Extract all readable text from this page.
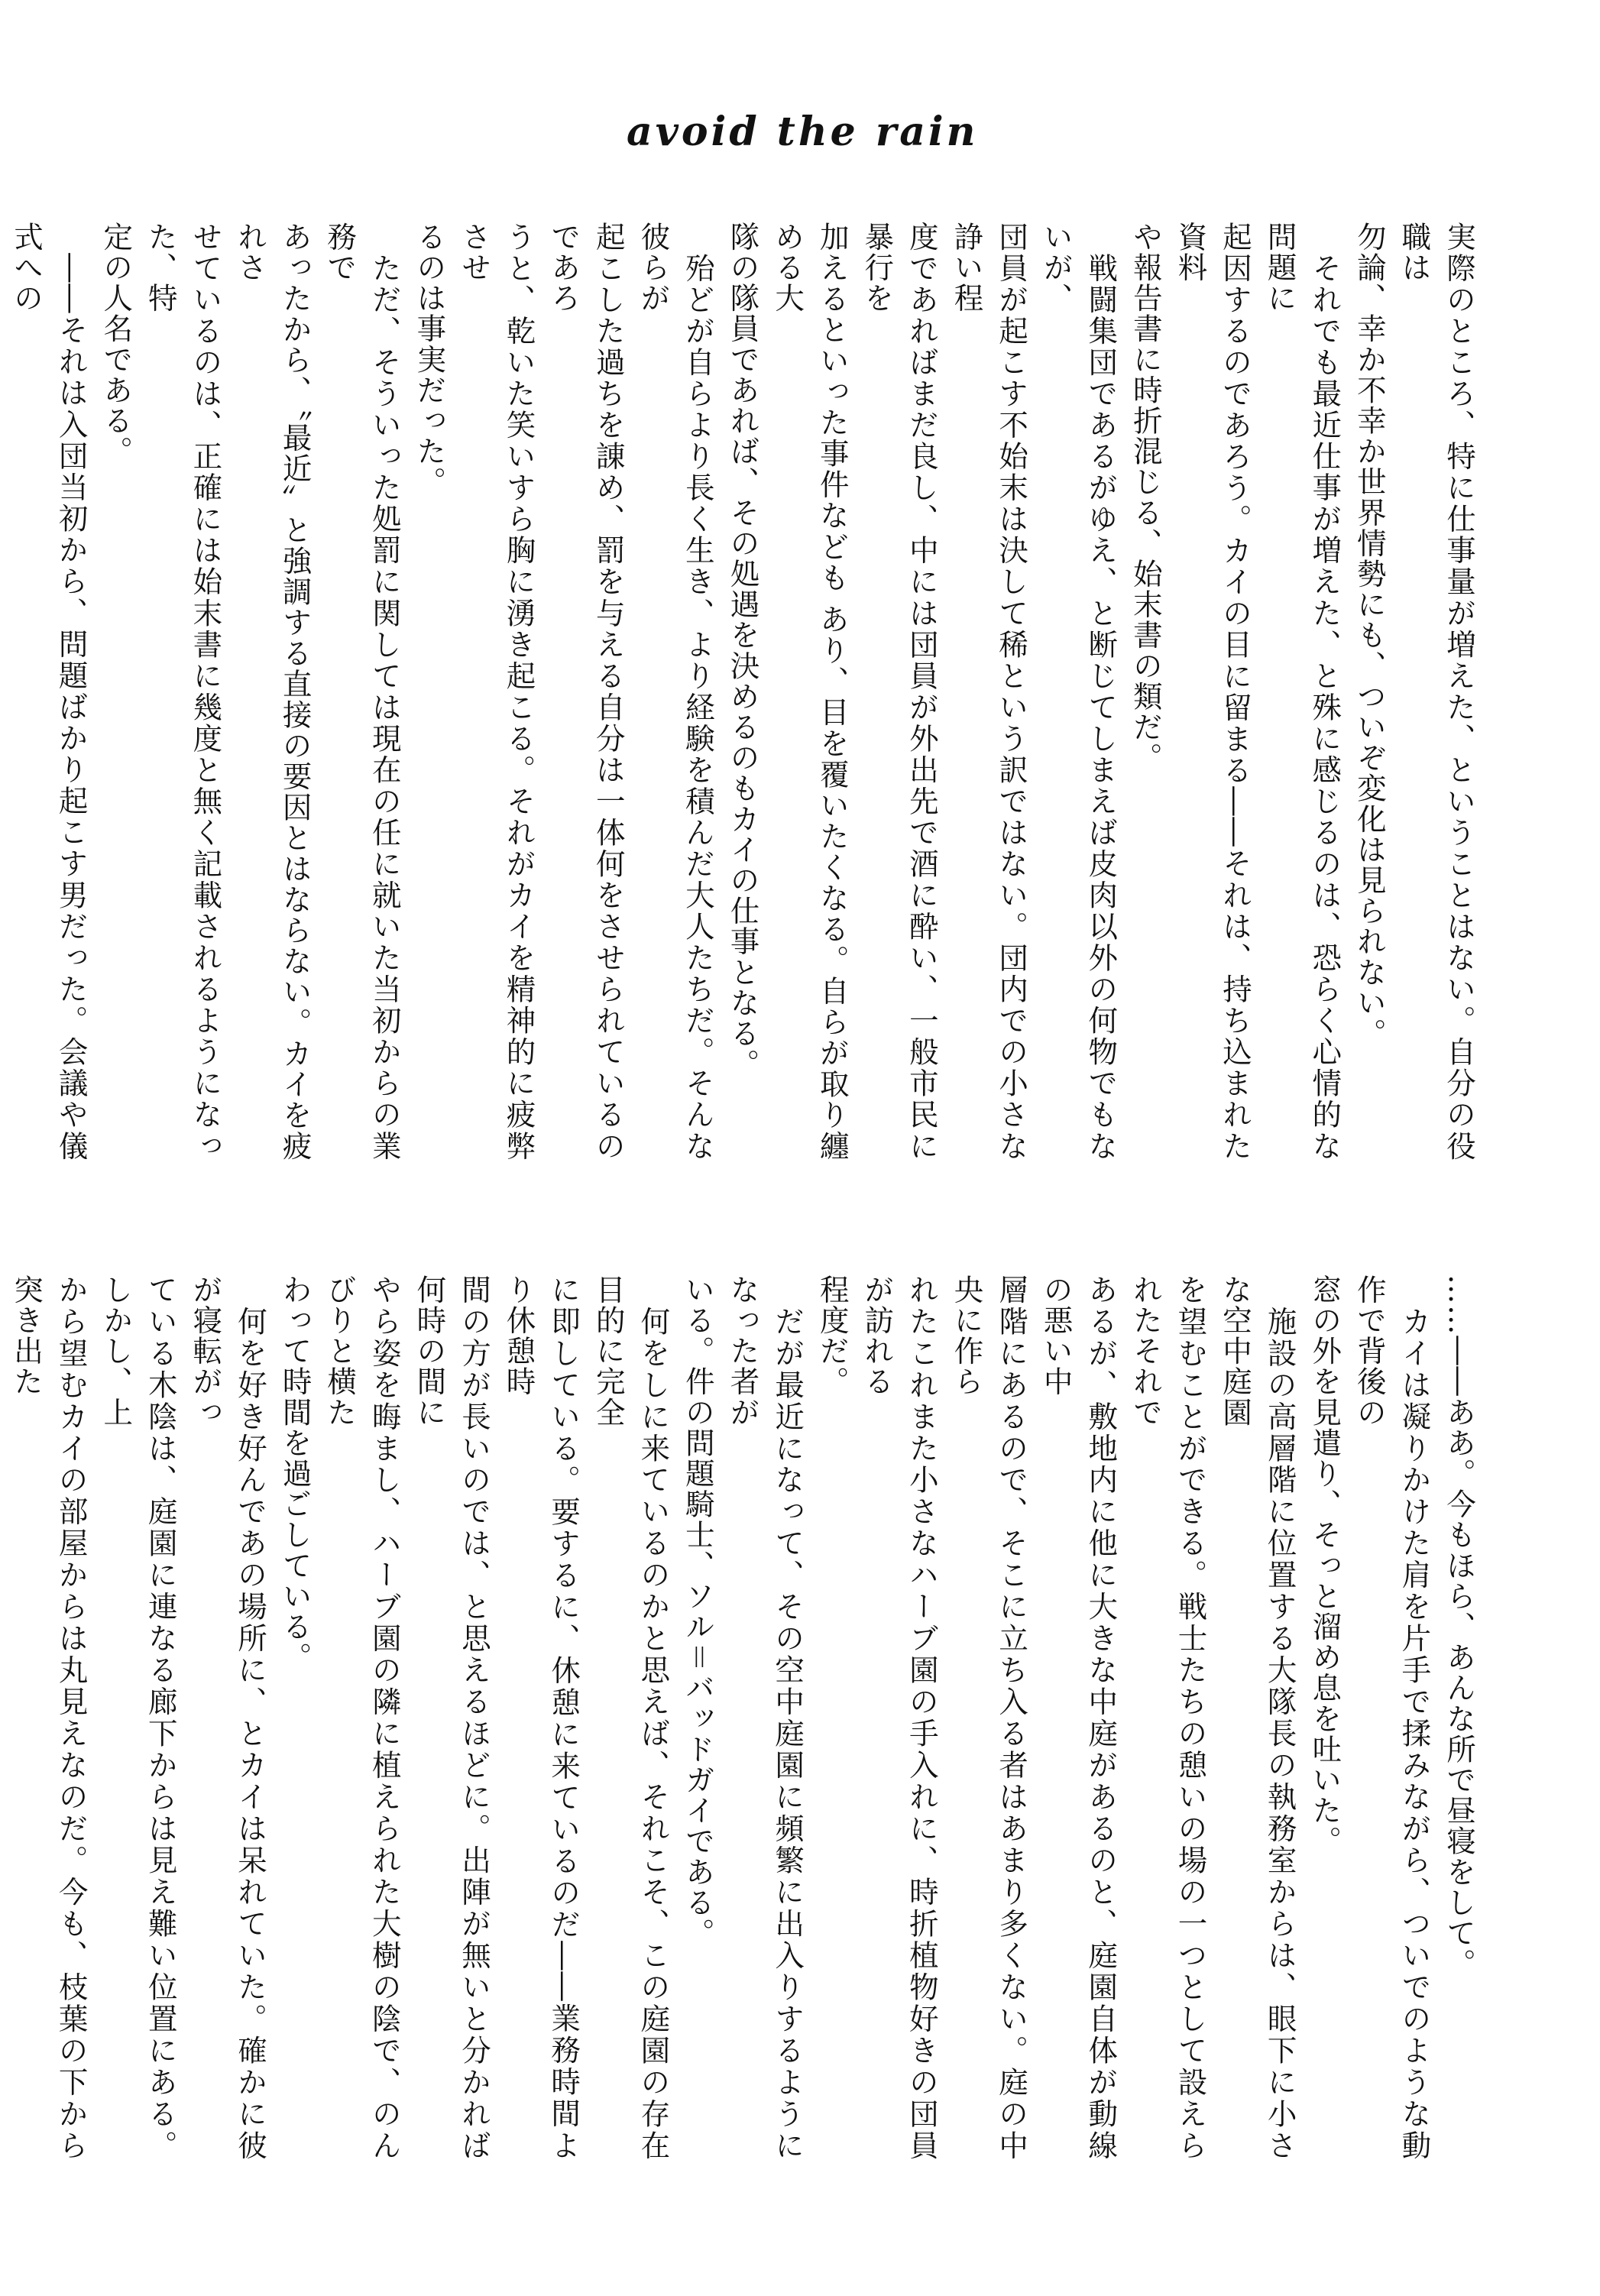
avoid the rain

実際のところ、特に仕事量が増えた、ということはない。自分の役職は

勿論、幸か不幸か世界情勢にも、ついぞ変化は見られない。

　それでも最近仕事が増えた、と殊に感じるのは、恐らく心情的な問題に

起因するのであろう。カイの目に留まる――それは、持ち込まれた資料

や報告書に時折混じる、始末書の類だ。

　戦闘集団であるがゆえ、と断じてしまえば皮肉以外の何物でもないが、

団員が起こす不始末は決して稀という訳ではない。団内での小さな諍い程

度であればまだ良し、中には団員が外出先で酒に酔い、一般市民に暴行を

加えるといった事件なども あり、目を覆いたくなる。自らが取り纏める大

隊の隊員であれば、その処遇を決めるのもカイの仕事となる。

　殆どが自らより長く生き、より経験を積んだ大人たちだ。そんな彼らが

起こした過ちを諌め、罰を与える自分は一体何をさせられているのであろ

うと、乾いた笑いすら胸に湧き起こる。それがカイを精神的に疲弊させ

るのは事実だった。

　ただ、そういった処罰に関しては現在の任に就いた当初からの業務で

あったから、〝最近〟と強調する直接の要因とはならない。カイを疲れさ

せているのは、正確には始末書に幾度と無く記載されるようになった、特

定の人名である。

　――それは入団当初から、問題ばかり起こす男だった。会議や儀式への

……――ああ。今もほら、あんな所で昼寝をして。

　カイは凝りかけた肩を片手で揉みながら、ついでのような動作で背後の

窓の外を見遣り、そっと溜め息を吐いた。

　施設の高層階に位置する大隊長の執務室からは、眼下に小さな空中庭園

を望むことができる。戦士たちの憩いの場の一つとして設えられたそれで

あるが、敷地内に他に大きな中庭があるのと、庭園自体が動線の悪い中

層階にあるので、そこに立ち入る者はあまり多くない。庭の中央に作ら

れたこれまた小さなハーブ園の手入れに、時折植物好きの団員が訪れる

程度だ。

　だが最近になって、その空中庭園に頻繁に出入りするようになった者が

いる。件の問題騎士、ソル＝バッドガイである。

　何をしに来ているのかと思えば、それこそ、この庭園の存在目的に完全

に即している。要するに、休憩に来ているのだ――業務時間より休憩時

間の方が長いのでは、と思えるほどに。出陣が無いと分かれば何時の間に

やら姿を晦まし、ハーブ園の隣に植えられた大樹の陰で、のんびりと横た

わって時間を過ごしている。

　何を好き好んであの場所に、とカイは呆れていた。確かに彼が寝転がっ

ている木陰は、庭園に連なる廊下からは見え難い位置にある。しかし、上

から望むカイの部屋からは丸見えなのだ。今も、枝葉の下から突き出た
